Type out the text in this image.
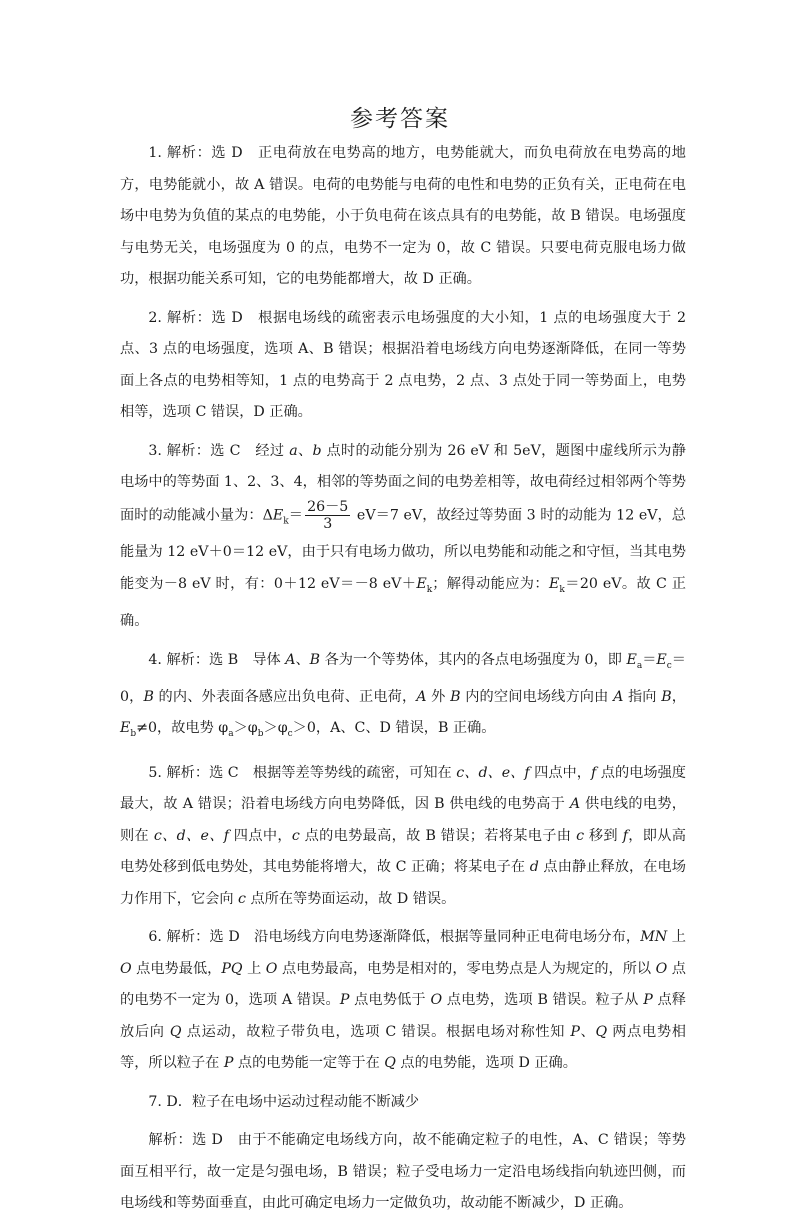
参考答案

1. 解析：选 D　正电荷放在电势高的地方，电势能就大，而负电荷放在电势高的地方，电势能就小，故 A 错误。电荷的电势能与电荷的电性和电势的正负有关，正电荷在电场中电势为负值的某点的电势能，小于负电荷在该点具有的电势能，故 B 错误。电场强度与电势无关，电场强度为 0 的点，电势不一定为 0，故 C 错误。只要电荷克服电场力做功，根据功能关系可知，它的电势能都增大，故 D 正确。

2. 解析：选 D　根据电场线的疏密表示电场强度的大小知，1 点的电场强度大于 2 点、3 点的电场强度，选项 A、B 错误；根据沿着电场线方向电势逐渐降低，在同一等势面上各点的电势相等知，1 点的电势高于 2 点电势，2 点、3 点处于同一等势面上，电势相等，选项 C 错误，D 正确。

3. 解析：选 C　经过 a、b 点时的动能分别为 26 eV 和 5eV，题图中虚线所示为静电场中的等势面 1、2、3、4，相邻的等势面之间的电势差相等，故电荷经过相邻两个等势面时的动能减小量为：$\Delta E_k= \frac{26-5}{3} eV=7$ eV，故经过等势面 3 时的动能为 12 eV，总能量为 12 eV＋0＝12 eV，由于只有电场力做功，所以电势能和动能之和守恒，当其电势能变为－8 eV 时，有：0＋12 eV＝－8 $eV+E_k$；解得动能应为：$E_k=20$ eV。故 C 正确。

4. 解析：选 B　导体 A、B 各为一个等势体，其内的各点电场强度为 0，即 $E_a=E_c=0$，B 的内、外表面各感应出负电荷、正电荷，A 外 B 内的空间电场线方向由 A 指向 B，$E_b\ne 0$，故电势 $\varphi_a>\varphi_b>\varphi_c>0$，A、C、D 错误，B 正确。

5. 解析：选 C　根据等差等势线的疏密，可知在 c、d、e、f 四点中，f 点的电场强度最大，故 A 错误；沿着电场线方向电势降低，因 B 供电线的电势高于 A 供电线的电势，则在 c、d、e、f 四点中，c 点的电势最高，故 B 错误；若将某电子由 c 移到 f，即从高电势处移到低电势处，其电势能将增大，故 C 正确；将某电子在 d 点由静止释放，在电场力作用下，它会向 c 点所在等势面运动，故 D 错误。

6. 解析：选 D　沿电场线方向电势逐渐降低，根据等量同种正电荷电场分布，MN 上 O 点电势最低，PQ 上 O 点电势最高，电势是相对的，零电势点是人为规定的，所以 O 点的电势不一定为 0，选项 A 错误。P 点电势低于 O 点电势，选项 B 错误。粒子从 P 点释放后向 Q 点运动，故粒子带负电，选项 C 错误。根据电场对称性知 P、Q 两点电势相等，所以粒子在 P 点的电势能一定等于在 Q 点的电势能，选项 D 正确。

7. D．粒子在电场中运动过程动能不断减少

解析：选 D　由于不能确定电场线方向，故不能确定粒子的电性，A、C 错误；等势面互相平行，故一定是匀强电场，B 错误；粒子受电场力一定沿电场线指向轨迹凹侧，而电场线和等势面垂直，由此可确定电场力一定做负功，故动能不断减少，D 正确。
